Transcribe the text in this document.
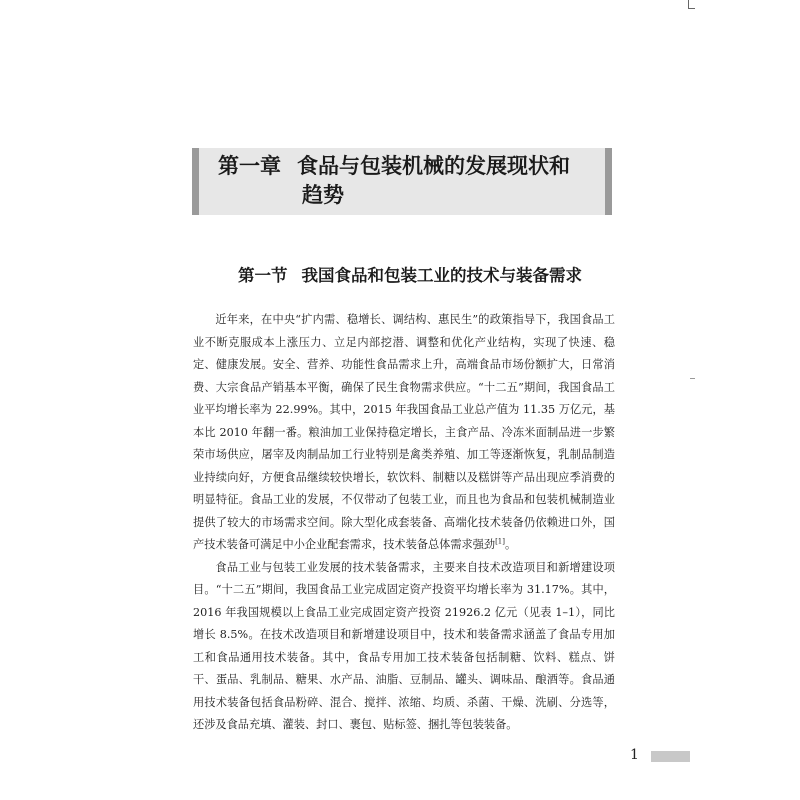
第一章 食品与包装机械的发展现状和
趋势
第一节 我国食品和包装工业的技术与装备需求

近年来，在中央“扩内需、稳增长、调结构、惠民生”的政策指导下，我国食品工业不断克服成本上涨压力、立足内部挖潜、调整和优化产业结构，实现了快速、稳定、健康发展。安全、营养、功能性食品需求上升，高端食品市场份额扩大，日常消费、大宗食品产销基本平衡，确保了民生食物需求供应。“十二五”期间，我国食品工业平均增长率为 22.99%。其中，2015 年我国食品工业总产值为 11.35 万亿元，基本比 2010 年翻一番。粮油加工业保持稳定增长，主食产品、冷冻米面制品进一步繁荣市场供应，屠宰及肉制品加工行业特别是禽类养殖、加工等逐渐恢复，乳制品制造业持续向好，方便食品继续较快增长，软饮料、制糖以及糕饼等产品出现应季消费的明显特征。食品工业的发展，不仅带动了包装工业，而且也为食品和包装机械制造业提供了较大的市场需求空间。除大型化成套装备、高端化技术装备仍依赖进口外，国产技术装备可满足中小企业配套需求，技术装备总体需求强劲[1]。

食品工业与包装工业发展的技术装备需求，主要来自技术改造项目和新增建设项目。“十二五”期间，我国食品工业完成固定资产投资平均增长率为 31.17%。其中，2016 年我国规模以上食品工业完成固定资产投资 21926.2 亿元（见表 1–1），同比增长 8.5%。在技术改造项目和新增建设项目中，技术和装备需求涵盖了食品专用加工和食品通用技术装备。其中，食品专用加工技术装备包括制糖、饮料、糕点、饼干、蛋品、乳制品、糖果、水产品、油脂、豆制品、罐头、调味品、酿酒等。食品通用技术装备包括食品粉碎、混合、搅拌、浓缩、均质、杀菌、干燥、洗刷、分选等，还涉及食品充填、灌装、封口、裹包、贴标签、捆扎等包装装备。

1
